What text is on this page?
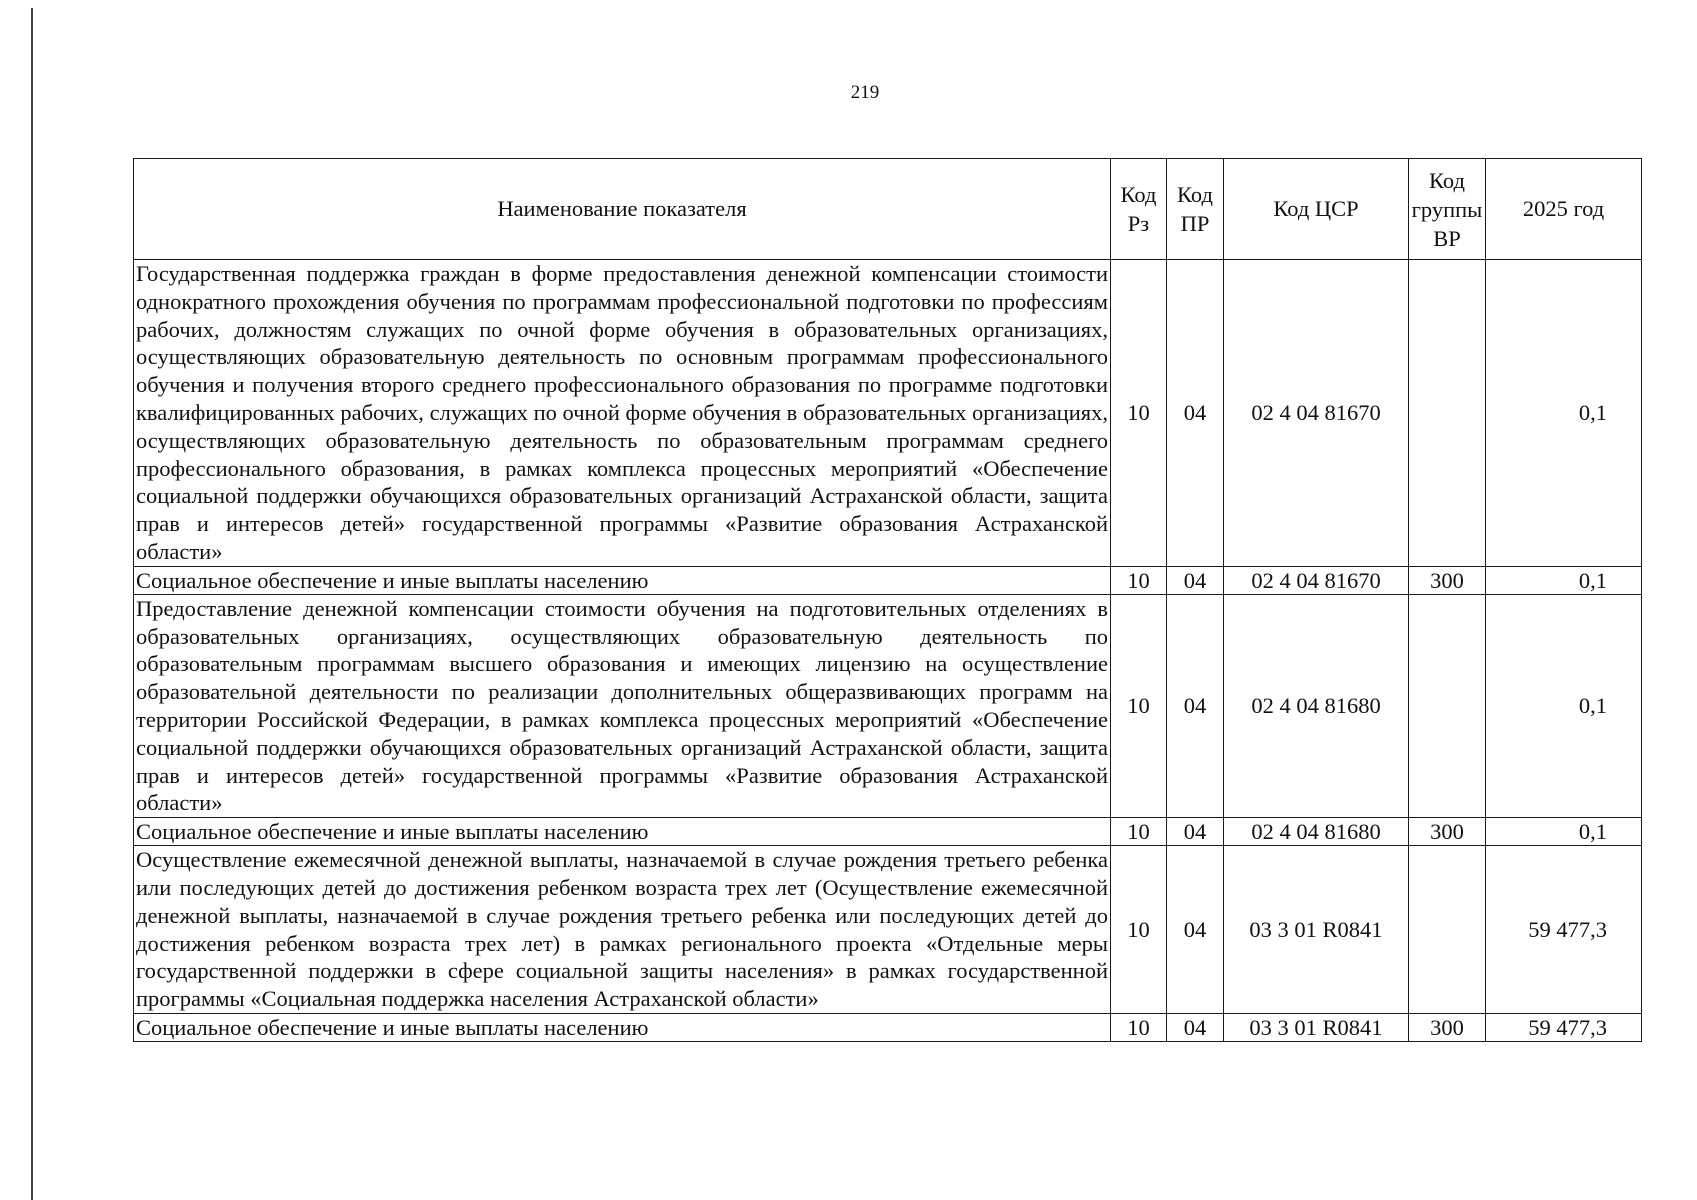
219
Наименование показателя	Код Рз	Код ПР	Код ЦСР	Код группы ВР	2025 год
Государственная поддержка граждан в форме предоставления денежной компенсации стоимости однократного прохождения обучения по программам профессиональной подготовки по профессиям рабочих, должностям служащих по очной форме обучения в образовательных организациях, осуществляющих образовательную деятельность по основным программам профессионального обучения и получения второго среднего профессионального образования по программе подготовки квалифицированных рабочих, служащих по очной форме обучения в образовательных организациях, осуществляющих образовательную деятельность по образовательным программам среднего профессионального образования, в рамках комплекса процессных мероприятий «Обеспечение социальной поддержки обучающихся образовательных организаций Астраханской области, защита прав и интересов детей» государственной программы «Развитие образования Астраханской области»	10	04	02 4 04 81670		0,1
Социальное обеспечение и иные выплаты населению	10	04	02 4 04 81670	300	0,1
Предоставление денежной компенсации стоимости обучения на подготовительных отделениях в образовательных организациях, осуществляющих образовательную деятельность по образовательным программам высшего образования и имеющих лицензию на осуществление образовательной деятельности по реализации дополнительных общеразвивающих программ на территории Российской Федерации, в рамках комплекса процессных мероприятий «Обеспечение социальной поддержки обучающихся образовательных организаций Астраханской области, защита прав и интересов детей» государственной программы «Развитие образования Астраханской области»	10	04	02 4 04 81680		0,1
Социальное обеспечение и иные выплаты населению	10	04	02 4 04 81680	300	0,1
Осуществление ежемесячной денежной выплаты, назначаемой в случае рождения третьего ребенка или последующих детей до достижения ребенком возраста трех лет (Осуществление ежемесячной денежной выплаты, назначаемой в случае рождения третьего ребенка или последующих детей до достижения ребенком возраста трех лет) в рамках регионального проекта «Отдельные меры государственной поддержки в сфере социальной защиты населения» в рамках государственной программы «Социальная поддержка населения Астраханской области»	10	04	03 3 01 R0841		59 477,3
Социальное обеспечение и иные выплаты населению	10	04	03 3 01 R0841	300	59 477,3
